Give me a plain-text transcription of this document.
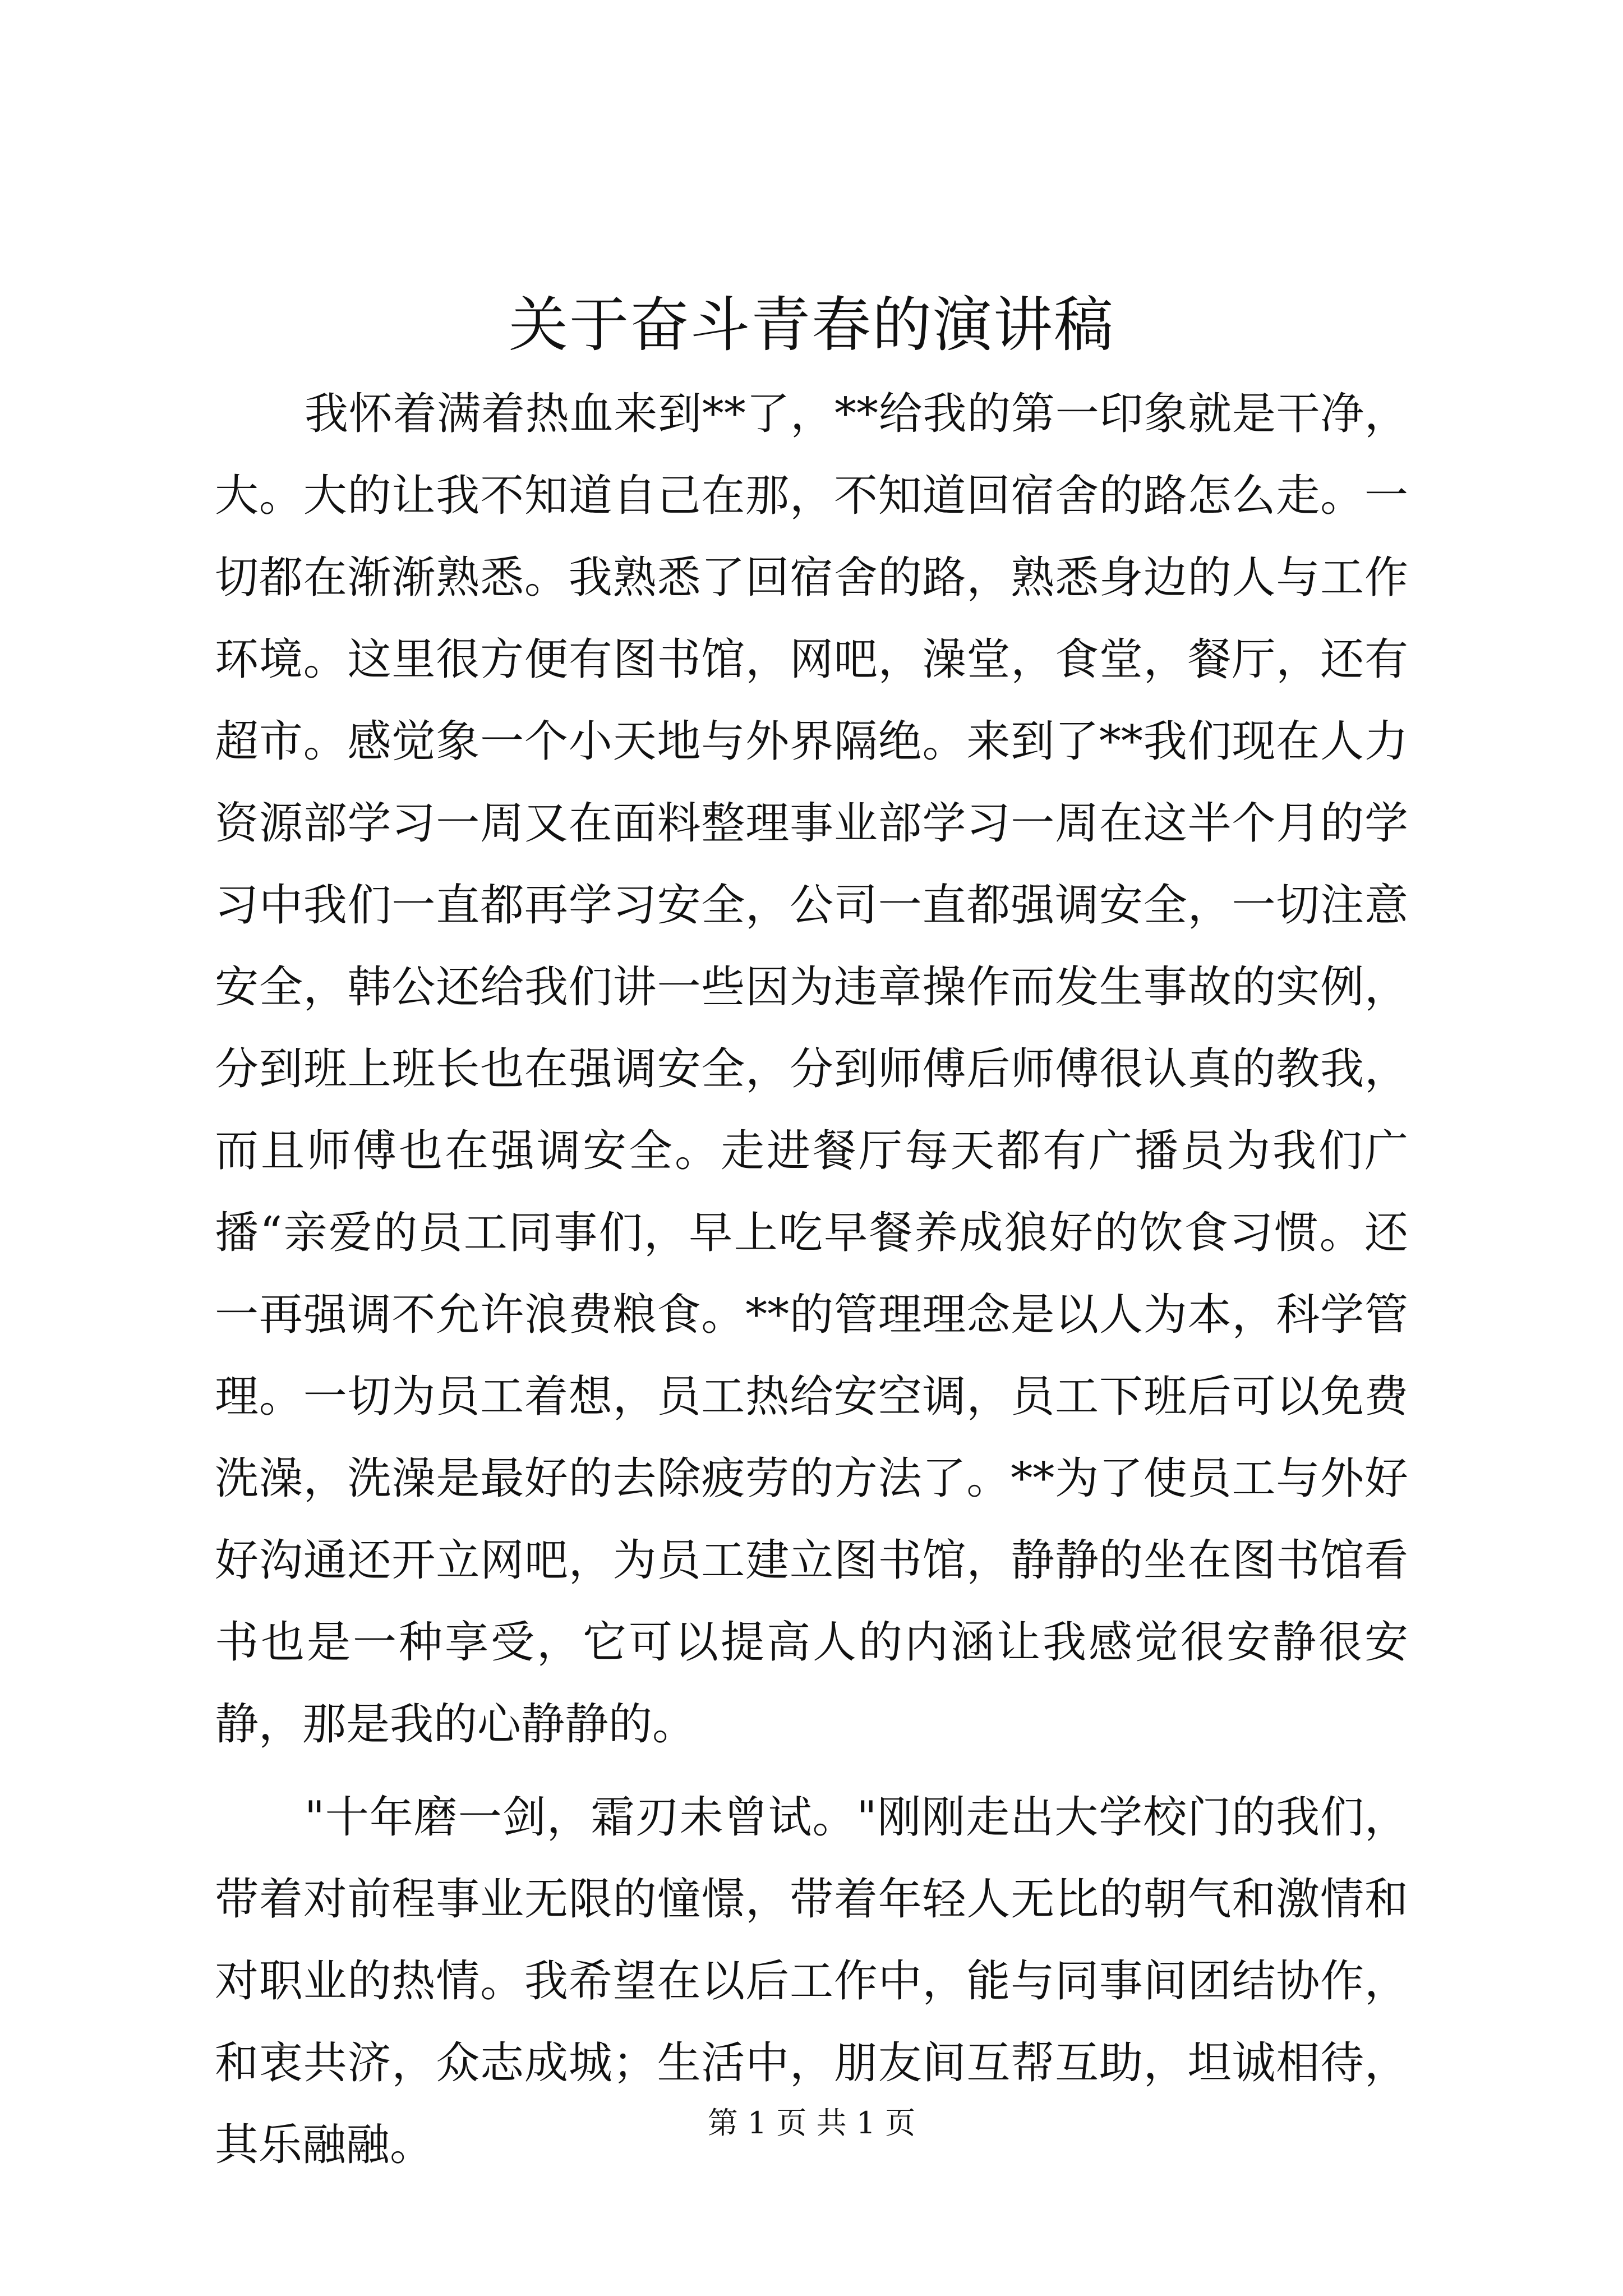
关于奋斗青春的演讲稿

我怀着满着热血来到**了，**给我的第一印象就是干净，大。大的让我不知道自己在那，不知道回宿舍的路怎么走。一切都在渐渐熟悉。我熟悉了回宿舍的路，熟悉身边的人与工作环境。这里很方便有图书馆，网吧，澡堂，食堂，餐厅，还有超市。感觉象一个小天地与外界隔绝。来到了**我们现在人力资源部学习一周又在面料整理事业部学习一周在这半个月的学习中我们一直都再学习安全，公司一直都强调安全，一切注意安全，韩公还给我们讲一些因为违章操作而发生事故的实例，分到班上班长也在强调安全，分到师傅后师傅很认真的教我，而且师傅也在强调安全。走进餐厅每天都有广播员为我们广播“亲爱的员工同事们，早上吃早餐养成狼好的饮食习惯。还一再强调不允许浪费粮食。**的管理理念是以人为本，科学管理。一切为员工着想，员工热给安空调，员工下班后可以免费洗澡，洗澡是最好的去除疲劳的方法了。**为了使员工与外好好沟通还开立网吧，为员工建立图书馆，静静的坐在图书馆看书也是一种享受，它可以提高人的内涵让我感觉很安静很安静，那是我的心静静的。

"十年磨一剑，霜刃未曾试。"刚刚走出大学校门的我们，带着对前程事业无限的憧憬，带着年轻人无比的朝气和激情和对职业的热情。我希望在以后工作中，能与同事间团结协作，和衷共济，众志成城；生活中，朋友间互帮互助，坦诚相待，其乐融融。	第 1 页 共 1 页
